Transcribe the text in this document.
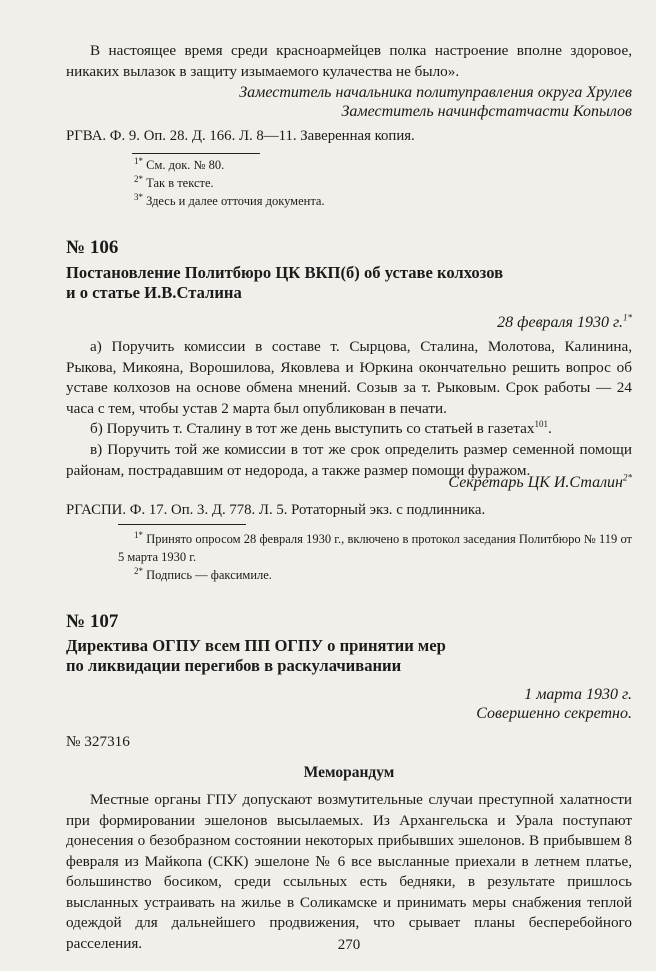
В настоящее время среди красноармейцев полка настроение вполне здоровое, никаких вылазок в защиту изымаемого кулачества не было».

Заместитель начальника политуправления округа Хрулев

Заместитель начинфстатчасти Копылов

РГВА. Ф. 9. Оп. 28. Д. 166. Л. 8—11. Заверенная копия.

$^{1*}$ См. док. № 80.

$^{2*}$ Так в тексте.

$^{3*}$ Здесь и далее отточия документа.

№ 106

Постановление Политбюро ЦК ВКП(б) об уставе колхозов

и о статье И.В.Сталина

28 февраля 1930 г.$^{1*}$

а) Поручить комиссии в составе т. Сырцова, Сталина, Молотова, Калинина, Рыкова, Микояна, Ворошилова, Яковлева и Юркина окончательно решить вопрос об уставе колхозов на основе обмена мнений. Созыв за т. Рыковым. Срок работы — 24 часа с тем, чтобы устав 2 марта был опубликован в печати.

б) Поручить т. Сталину в тот же день выступить со статьей в газетах$^{101}$.

в) Поручить той же комиссии в тот же срок определить размер семенной помощи районам, пострадавшим от недорода, а также размер помощи фуражом.

Секретарь ЦК И.Сталин$^{2*}$

РГАСПИ. Ф. 17. Оп. 3. Д. 778. Л. 5. Ротаторный экз. с подлинника.

$^{1*}$ Принято опросом 28 февраля 1930 г., включено в протокол заседания Политбюро № 119 от 5 марта 1930 г.

$^{2*}$ Подпись — факсимиле.

№ 107

Директива ОГПУ всем ПП ОГПУ о принятии мер

по ликвидации перегибов в раскулачивании

1 марта 1930 г.

Совершенно секретно.

№ 327316

Меморандум

Местные органы ГПУ допускают возмутительные случаи преступной халатности при формировании эшелонов высылаемых. Из Архангельска и Урала поступают донесения о безобразном состоянии некоторых прибывших эшелонов. В прибывшем 8 февраля из Майкопа (СКК) эшелоне № 6 все высланные приехали в летнем платье, большинство босиком, среди ссыльных есть бедняки, в результате пришлось высланных устраивать на жилье в Соликамске и принимать меры снабжения теплой одеждой для дальнейшего продвижения, что срывает планы бесперебойного расселения.	270
